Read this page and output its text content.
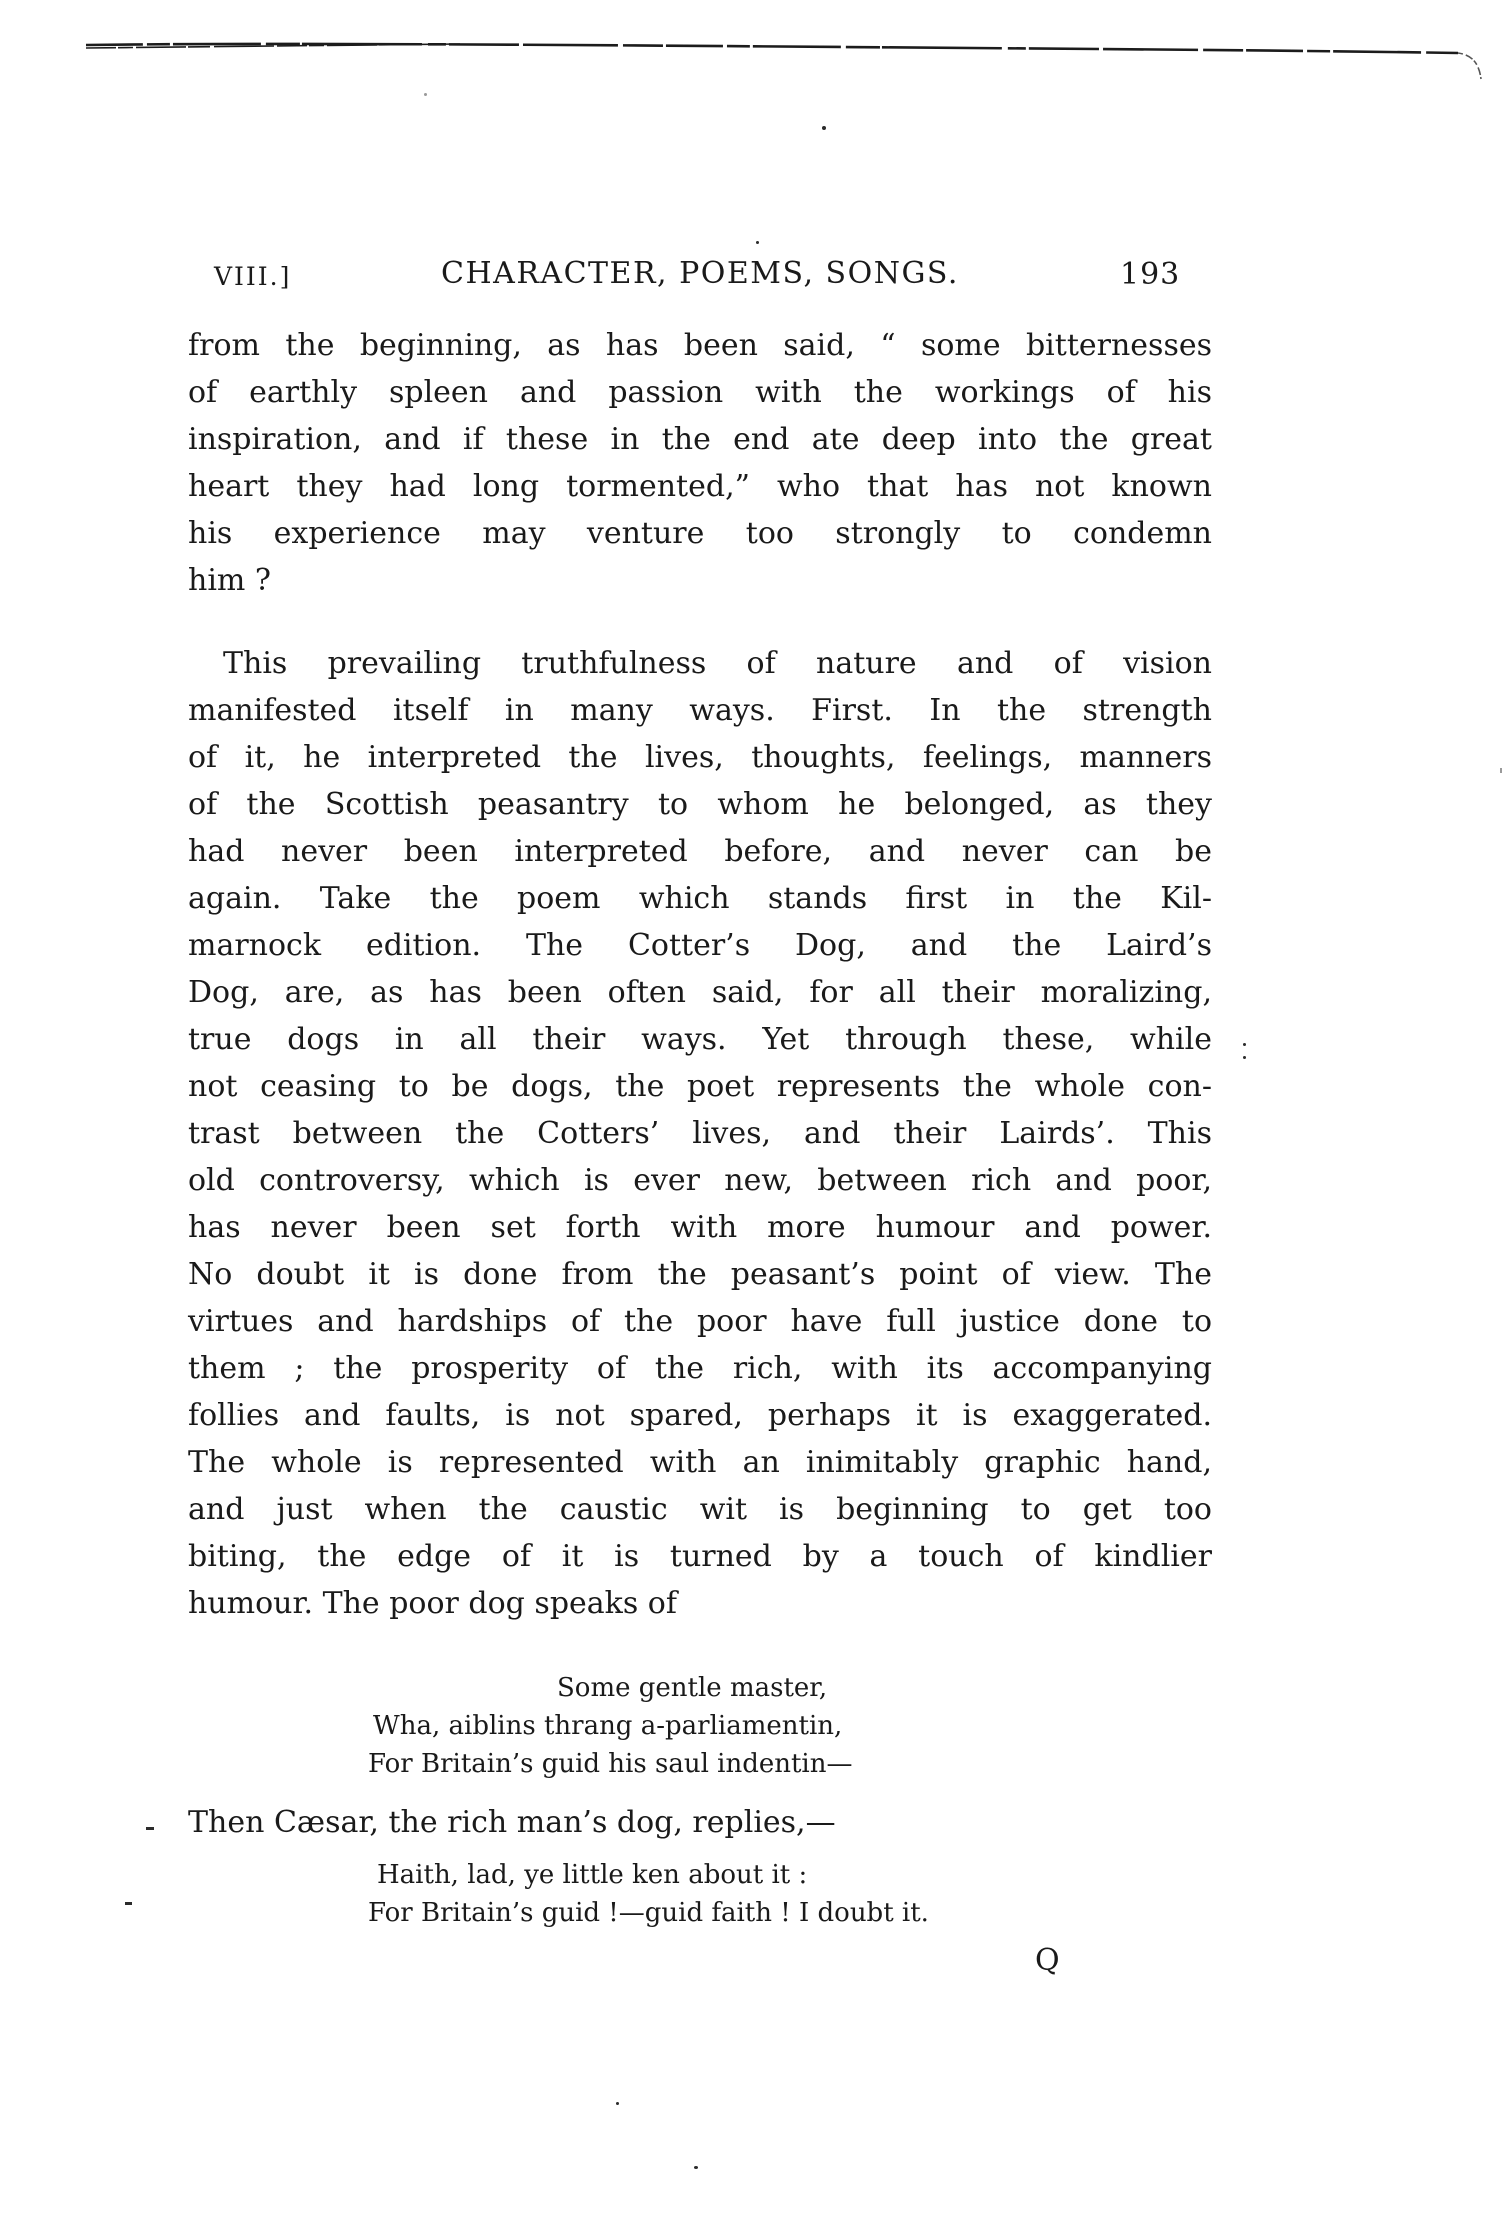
VIII.]	CHARACTER, POEMS, SONGS.	193
from the beginning, as has been said, “ some bitternesses
of earthly spleen and passion with the workings of his
inspiration, and if these in the end ate deep into the great
heart they had long tormented,” who that has not known
his experience may venture too strongly to condemn
him ?
This prevailing truthfulness of nature and of vision
manifested itself in many ways. First. In the strength
of it, he interpreted the lives, thoughts, feelings, manners
of the Scottish peasantry to whom he belonged, as they
had never been interpreted before, and never can be
again. Take the poem which stands first in the Kil-
marnock edition. The Cotter’s Dog, and the Laird’s
Dog, are, as has been often said, for all their moralizing,
true dogs in all their ways. Yet through these, while
not ceasing to be dogs, the poet represents the whole con-
trast between the Cotters’ lives, and their Lairds’. This
old controversy, which is ever new, between rich and poor,
has never been set forth with more humour and power.
No doubt it is done from the peasant’s point of view. The
virtues and hardships of the poor have full justice done to
them ; the prosperity of the rich, with its accompanying
follies and faults, is not spared, perhaps it is exaggerated.
The whole is represented with an inimitably graphic hand,
and just when the caustic wit is beginning to get too
biting, the edge of it is turned by a touch of kindlier
humour. The poor dog speaks of
Some gentle master,
Wha, aiblins thrang a-parliamentin,
For Britain’s guid his saul indentin—
Then Cæsar, the rich man’s dog, replies,—
Haith, lad, ye little ken about it :
For Britain’s guid !—guid faith ! I doubt it.
Q
